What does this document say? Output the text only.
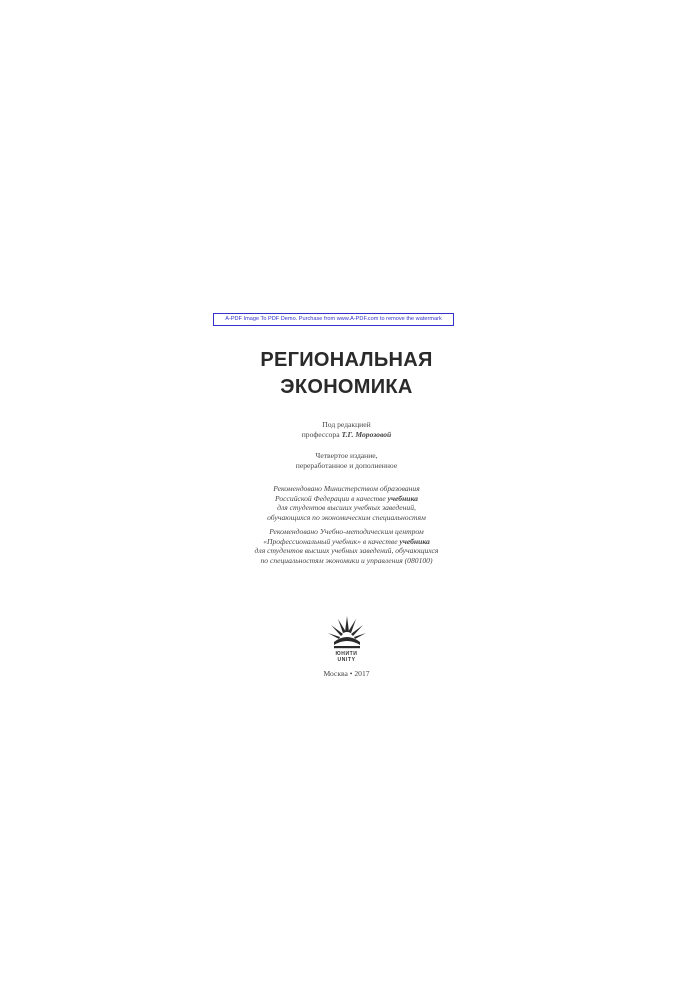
A-PDF Image To PDF Demo. Purchase from www.A-PDF.com to remove the watermark
РЕГИОНАЛЬНАЯ
ЭКОНОМИКА
Под редакцией
профессора Т.Г. Морозовой
Четвертое издание,
переработанное и дополненное
Рекомендовано Министерством образования
Российской Федерации в качестве учебника
для студентов высших учебных заведений,
обучающихся по экономическим специальностям
Рекомендовано Учебно-методическим центром
«Профессиональный учебник» в качестве учебника
для студентов высших учебных заведений, обучающихся
по специальностям экономики и управления (080100)
ЮНИТИ
UNITY
Москва • 2017
